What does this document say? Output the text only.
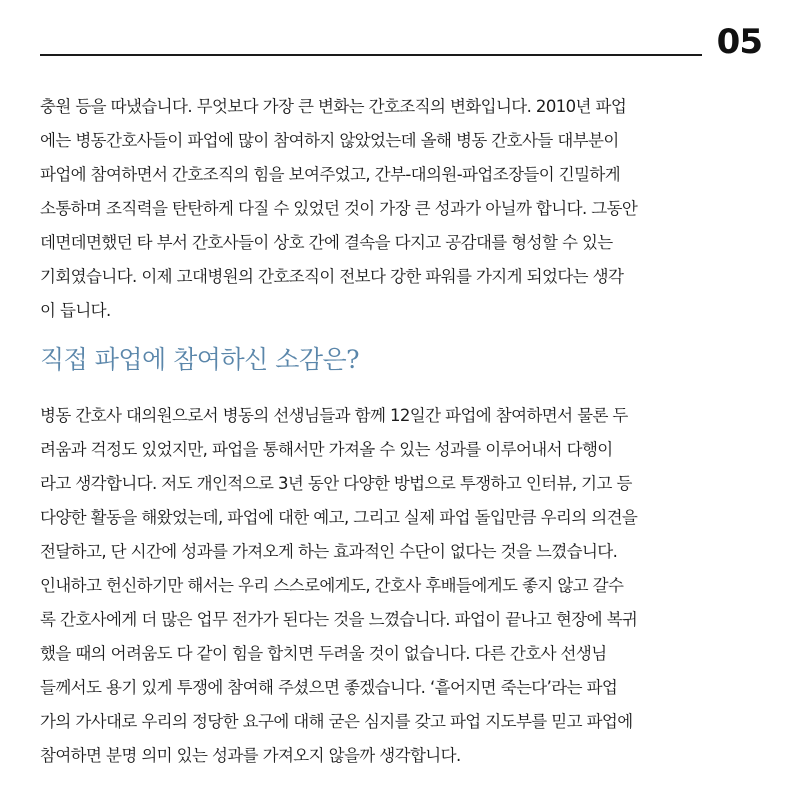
05
충원 등을 따냈습니다. 무엇보다 가장 큰 변화는 간호조직의 변화입니다. 2010년 파업
에는 병동간호사들이 파업에 많이 참여하지 않았었는데 올해 병동 간호사들 대부분이
파업에 참여하면서 간호조직의 힘을 보여주었고, 간부-대의원-파업조장들이 긴밀하게
소통하며 조직력을 탄탄하게 다질 수 있었던 것이 가장 큰 성과가 아닐까 합니다. 그동안
데면데면했던 타 부서 간호사들이 상호 간에 결속을 다지고 공감대를 형성할 수 있는
기회였습니다. 이제 고대병원의 간호조직이 전보다 강한 파워를 가지게 되었다는 생각
이 듭니다.
직접 파업에 참여하신 소감은?
병동 간호사 대의원으로서 병동의 선생님들과 함께 12일간 파업에 참여하면서 물론 두
려움과 걱정도 있었지만, 파업을 통해서만 가져올 수 있는 성과를 이루어내서 다행이
라고 생각합니다. 저도 개인적으로 3년 동안 다양한 방법으로 투쟁하고 인터뷰, 기고 등
다양한 활동을 해왔었는데, 파업에 대한 예고, 그리고 실제 파업 돌입만큼 우리의 의견을
전달하고, 단 시간에 성과를 가져오게 하는 효과적인 수단이 없다는 것을 느꼈습니다.
인내하고 헌신하기만 해서는 우리 스스로에게도, 간호사 후배들에게도 좋지 않고 갈수
록 간호사에게 더 많은 업무 전가가 된다는 것을 느꼈습니다. 파업이 끝나고 현장에 복귀
했을 때의 어려움도 다 같이 힘을 합치면 두려울 것이 없습니다. 다른 간호사 선생님
들께서도 용기 있게 투쟁에 참여해 주셨으면 좋겠습니다. ‘흩어지면 죽는다’라는 파업
가의 가사대로 우리의 정당한 요구에 대해 굳은 심지를 갖고 파업 지도부를 믿고 파업에
참여하면 분명 의미 있는 성과를 가져오지 않을까 생각합니다.
